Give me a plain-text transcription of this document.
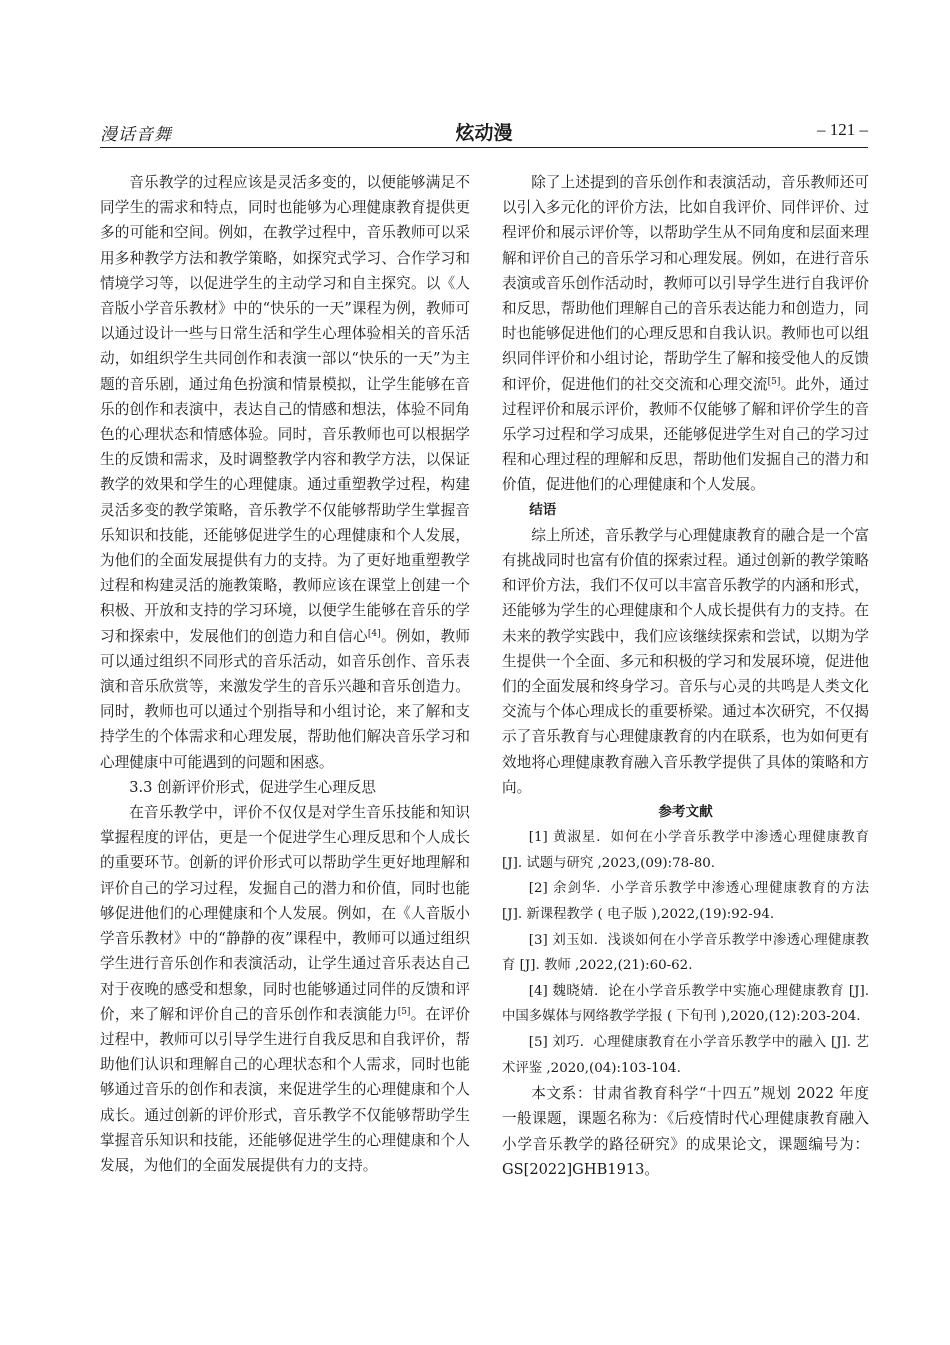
漫话音舞	炫动漫	– 121 –

音乐教学的过程应该是灵活多变的，以便能够满足不同学生的需求和特点，同时也能够为心理健康教育提供更多的可能和空间。例如，在教学过程中，音乐教师可以采用多种教学方法和教学策略，如探究式学习、合作学习和情境学习等，以促进学生的主动学习和自主探究。以《人音版小学音乐教材》中的“快乐的一天”课程为例，教师可以通过设计一些与日常生活和学生心理体验相关的音乐活动，如组织学生共同创作和表演一部以“快乐的一天”为主题的音乐剧，通过角色扮演和情景模拟，让学生能够在音乐的创作和表演中，表达自己的情感和想法，体验不同角色的心理状态和情感体验。同时，音乐教师也可以根据学生的反馈和需求，及时调整教学内容和教学方法，以保证教学的效果和学生的心理健康。通过重塑教学过程，构建灵活多变的教学策略，音乐教学不仅能够帮助学生掌握音乐知识和技能，还能够促进学生的心理健康和个人发展，为他们的全面发展提供有力的支持。为了更好地重塑教学过程和构建灵活的施教策略，教师应该在课堂上创建一个积极、开放和支持的学习环境，以便学生能够在音乐的学习和探索中，发展他们的创造力和自信心[4]。例如，教师可以通过组织不同形式的音乐活动，如音乐创作、音乐表演和音乐欣赏等，来激发学生的音乐兴趣和音乐创造力。同时，教师也可以通过个别指导和小组讨论，来了解和支持学生的个体需求和心理发展，帮助他们解决音乐学习和心理健康中可能遇到的问题和困惑。

3.3 创新评价形式，促进学生心理反思

在音乐教学中，评价不仅仅是对学生音乐技能和知识掌握程度的评估，更是一个促进学生心理反思和个人成长的重要环节。创新的评价形式可以帮助学生更好地理解和评价自己的学习过程，发掘自己的潜力和价值，同时也能够促进他们的心理健康和个人发展。例如，在《人音版小学音乐教材》中的“静静的夜”课程中，教师可以通过组织学生进行音乐创作和表演活动，让学生通过音乐表达自己对于夜晚的感受和想象，同时也能够通过同伴的反馈和评价，来了解和评价自己的音乐创作和表演能力[5]。在评价过程中，教师可以引导学生进行自我反思和自我评价，帮助他们认识和理解自己的心理状态和个人需求，同时也能够通过音乐的创作和表演，来促进学生的心理健康和个人成长。通过创新的评价形式，音乐教学不仅能够帮助学生掌握音乐知识和技能，还能够促进学生的心理健康和个人发展，为他们的全面发展提供有力的支持。

除了上述提到的音乐创作和表演活动，音乐教师还可以引入多元化的评价方法，比如自我评价、同伴评价、过程评价和展示评价等，以帮助学生从不同角度和层面来理解和评价自己的音乐学习和心理发展。例如，在进行音乐表演或音乐创作活动时，教师可以引导学生进行自我评价和反思，帮助他们理解自己的音乐表达能力和创造力，同时也能够促进他们的心理反思和自我认识。教师也可以组织同伴评价和小组讨论，帮助学生了解和接受他人的反馈和评价，促进他们的社交交流和心理交流[5]。此外，通过过程评价和展示评价，教师不仅能够了解和评价学生的音乐学习过程和学习成果，还能够促进学生对自己的学习过程和心理过程的理解和反思，帮助他们发掘自己的潜力和价值，促进他们的心理健康和个人发展。

结语

综上所述，音乐教学与心理健康教育的融合是一个富有挑战同时也富有价值的探索过程。通过创新的教学策略和评价方法，我们不仅可以丰富音乐教学的内涵和形式，还能够为学生的心理健康和个人成长提供有力的支持。在未来的教学实践中，我们应该继续探索和尝试，以期为学生提供一个全面、多元和积极的学习和发展环境，促进他们的全面发展和终身学习。音乐与心灵的共鸣是人类文化交流与个体心理成长的重要桥梁。通过本次研究，不仅揭示了音乐教育与心理健康教育的内在联系，也为如何更有效地将心理健康教育融入音乐教学提供了具体的策略和方向。

参考文献

[1] 黄淑星．如何在小学音乐教学中渗透心理健康教育 [J]. 试题与研究 ,2023,(09):78-80.

[2] 余剑华．小学音乐教学中渗透心理健康教育的方法 [J]. 新课程教学 ( 电子版 ),2022,(19):92-94.

[3] 刘玉如．浅谈如何在小学音乐教学中渗透心理健康教育 [J]. 教师 ,2022,(21):60-62.

[4] 魏晓婧．论在小学音乐教学中实施心理健康教育 [J]. 中国多媒体与网络教学学报 ( 下旬刊 ),2020,(12):203-204.

[5] 刘巧．心理健康教育在小学音乐教学中的融入 [J]. 艺术评鉴 ,2020,(04):103-104.

本文系：甘肃省教育科学“十四五”规划 2022 年度一般课题，课题名称为：《后疫情时代心理健康教育融入小学音乐教学的路径研究》的成果论文，课题编号为：GS[2022]GHB1913。
